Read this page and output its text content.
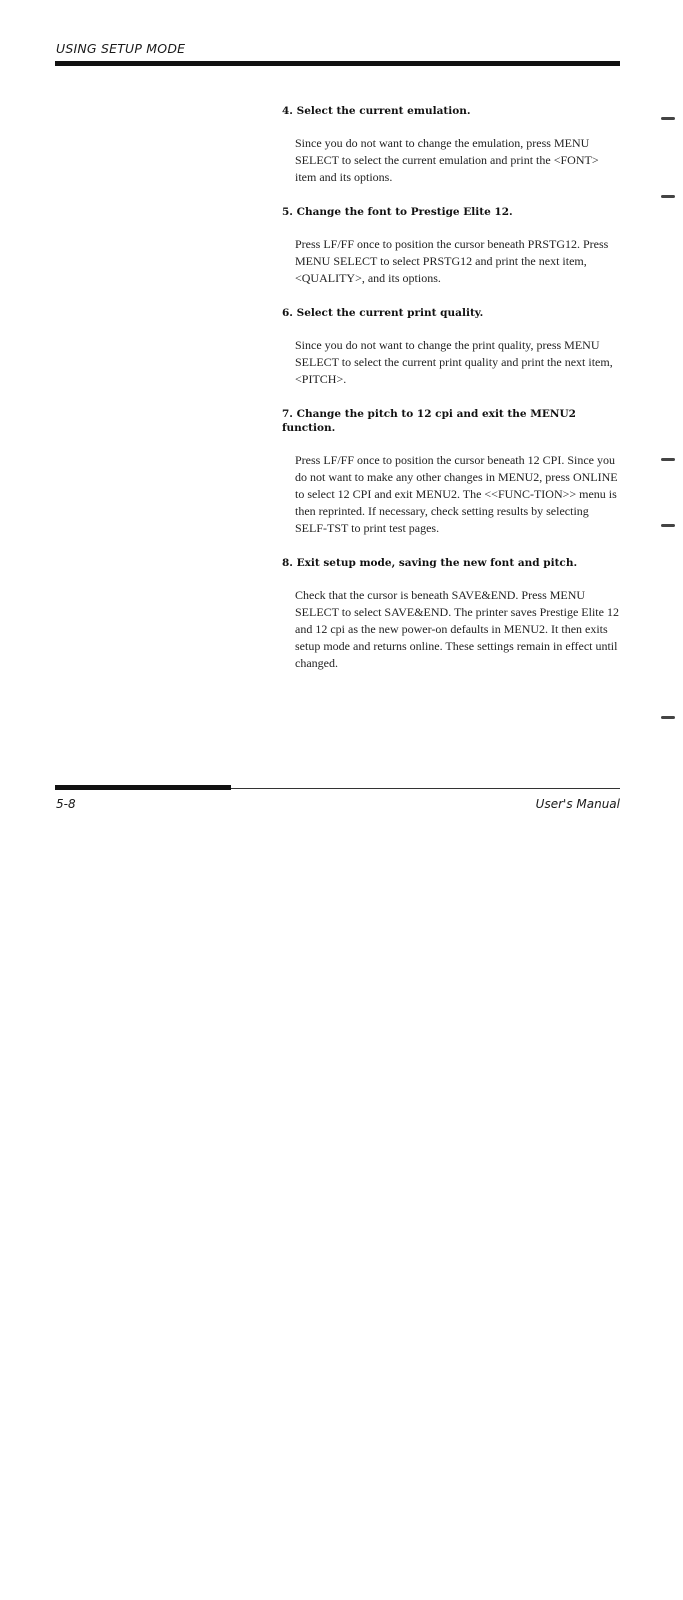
USING SETUP MODE
4. Select the current emulation.
Since you do not want to change the emulation, press MENU SELECT to select the current emulation and print the <FONT> item and its options.
5. Change the font to Prestige Elite 12.
Press LF/FF once to position the cursor beneath PRSTG12. Press MENU SELECT to select PRSTG12 and print the next item, <QUALITY>, and its options.
6. Select the current print quality.
Since you do not want to change the print quality, press MENU SELECT to select the current print quality and print the next item, <PITCH>.
7. Change the pitch to 12 cpi and exit the MENU2 function.
Press LF/FF once to position the cursor beneath 12 CPI. Since you do not want to make any other changes in MENU2, press ONLINE to select 12 CPI and exit MENU2. The <<FUNC-TION>> menu is then reprinted. If necessary, check setting results by selecting SELF-TST to print test pages.
8. Exit setup mode, saving the new font and pitch.
Check that the cursor is beneath SAVE&END. Press MENU SELECT to select SAVE&END. The printer saves Prestige Elite 12 and 12 cpi as the new power-on defaults in MENU2. It then exits setup mode and returns online. These settings remain in effect until changed.
5-8	User's Manual
